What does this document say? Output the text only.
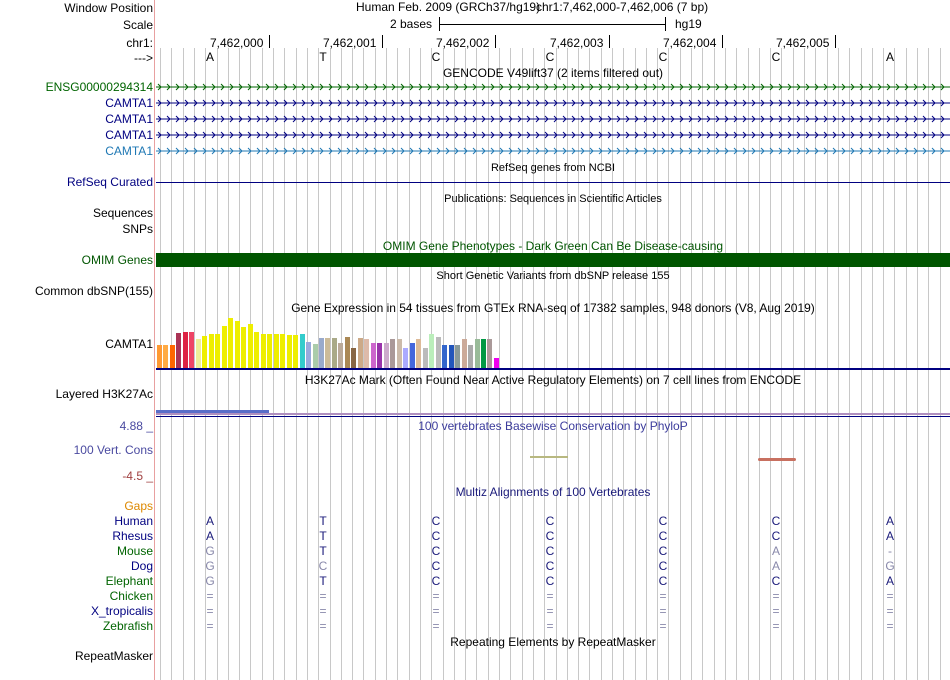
Window Position	Human Feb. 2009 (GRCh37/hg19)
chr1:7,462,000-7,462,006 (7 bp)
Scale	2 bases	hg19
chr1:	7,462,000	7,462,001	7,462,002	7,462,003	7,462,004	7,462,005
--->	A	T	C	C	C	C	A
GENCODE V49lift37 (2 items filtered out)
ENSG00000294314
CAMTA1
CAMTA1
CAMTA1
CAMTA1
RefSeq genes from NCBI
RefSeq Curated
Publications: Sequences in Scientific Articles
Sequences
SNPs
OMIM Gene Phenotypes - Dark Green Can Be Disease-causing
OMIM Genes
Short Genetic Variants from dbSNP release 155
Common dbSNP(155)
Gene Expression in 54 tissues from GTEx RNA-seq of 17382 samples, 948 donors (V8, Aug 2019)
CAMTA1
H3K27Ac Mark (Often Found Near Active Regulatory Elements) on 7 cell lines from ENCODE
Layered H3K27Ac
4.88 _	100 vertebrates Basewise Conservation by PhyloP
100 Vert. Cons
-4.5 _
Multiz Alignments of 100 Vertebrates
Gaps
Human	A	T	C	C	C	C	A
Rhesus	A	T	C	C	C	C	A
Mouse	G	T	C	C	C	A	-
Dog	G	C	C	C	C	A	G
Elephant	G	T	C	C	C	C	A
Chicken	=	=	=	=	=	=	=
X_tropicalis	=	=	=	=	=	=	=
Zebrafish	=	=	=	=	=	=	=
Repeating Elements by RepeatMasker
RepeatMasker
